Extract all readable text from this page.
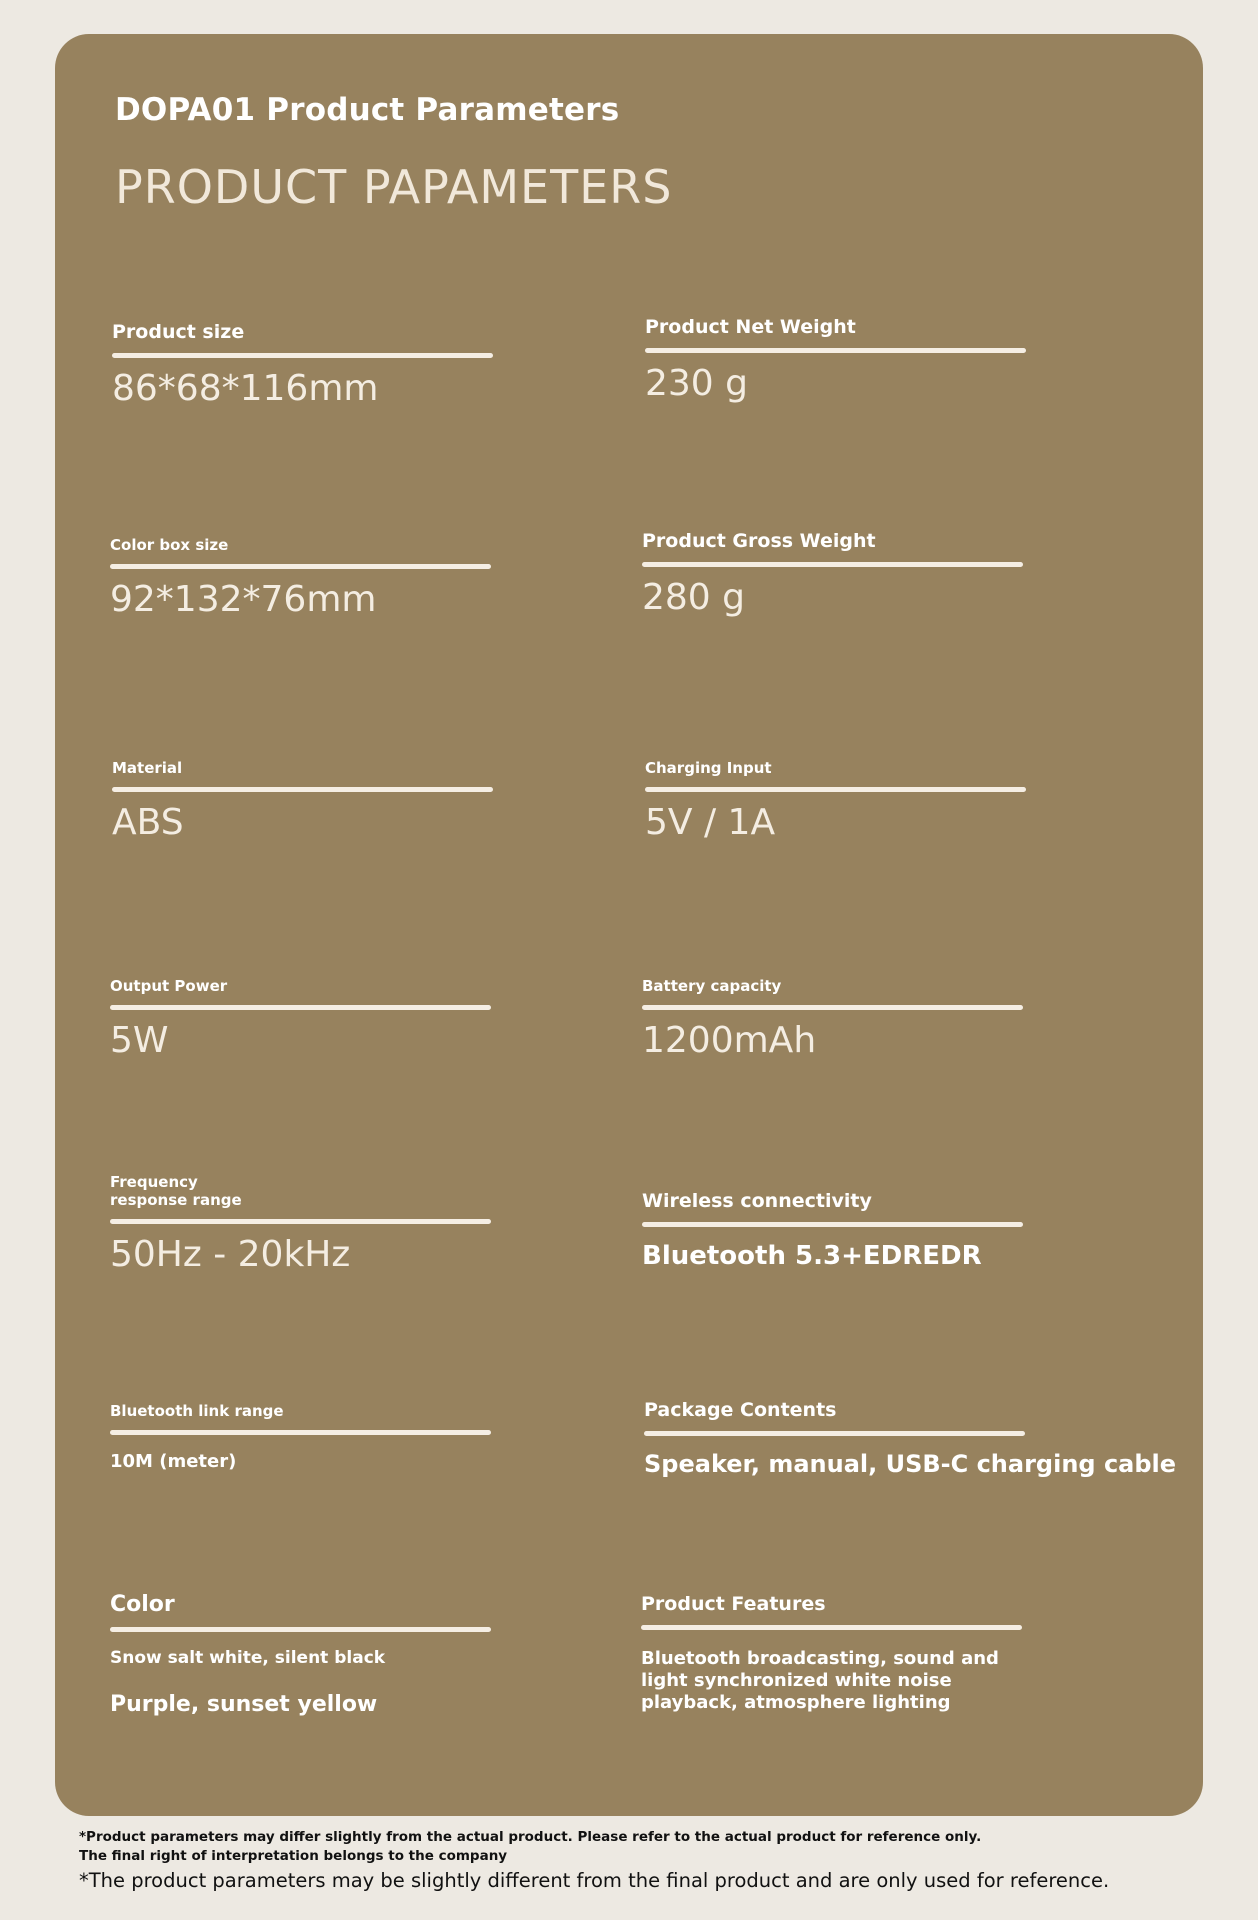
DOPA01 Product Parameters
PRODUCT PAPAMETERS
Product size
86*68*116mm
Product Net Weight
230 g
Color box size
92*132*76mm
Product Gross Weight
280 g
Material
ABS
Charging Input
5V / 1A
Output Power
5W
Battery capacity
1200mAh
Frequency
response range
50Hz - 20kHz
Wireless connectivity
Bluetooth 5.3+EDREDR
Bluetooth link range
10M (meter)
Package Contents
Speaker, manual, USB-C charging cable
Color
Snow salt white, silent black
Purple, sunset yellow
Product Features
Bluetooth broadcasting, sound and light synchronized white noise playback, atmosphere lighting
*Product parameters may differ slightly from the actual product. Please refer to the actual product for reference only.
The final right of interpretation belongs to the company
*The product parameters may be slightly different from the final product and are only used for reference.
